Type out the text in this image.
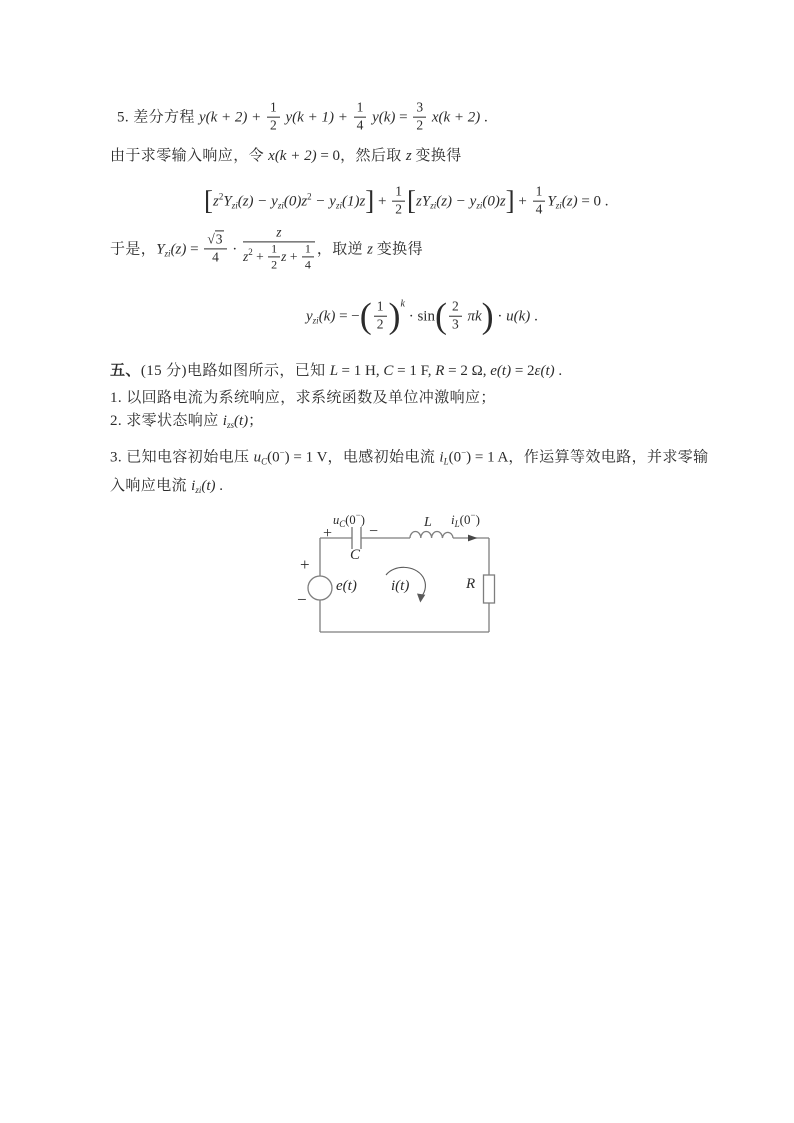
5. 差分方程 $y(k + 2) + \frac{1}{2} y(k + 1) + \frac{1}{4} y(k) = \frac{3}{2} x(k + 2)$ .
由于求零输入响应，令 x(k + 2) = 0，然后取 z 变换得
$[z^2Y_{zi}(z) - y_{zi}(0)z^2 - y_{zi}(1)z] + \frac{1}{2} [zY_{zi}(z) - y_{zi}(0)z] + \frac{1}{4} Y_{zi}(z) = 0$ .
于是，$Y_{zi}(z) = \frac{√3}{4} \cdot \frac{z}{z^2 + \frac{1}{2} z + \frac{1}{4}}$ ，取逆 z 变换得
$y_{zi}(k)$ = −( $\frac{1}{2} )^k \cdot \sin( \frac{2}{3} \pi k) \cdot u(k)$ .
五、(15 分)电路如图所示，已知 L = 1 H, C = 1 F, R = 2 Ω, e(t) = 2ε(t) .
1. 以回路电流为系统响应，求系统函数及单位冲激响应；
2. 求零状态响应 $i_{zs}(t)$；
3. 已知电容初始电压 $u_C(0^-) = 1$ V，电感初始电流 $i_L(0^-) = 1$ A，作运算等效电路，并求零输
入响应电流 $i_{zi}(t)$ .
$u_C(0^-)$
+ −
C
L $i_L(0^-)$
+
−
e(t) i(t)	R
